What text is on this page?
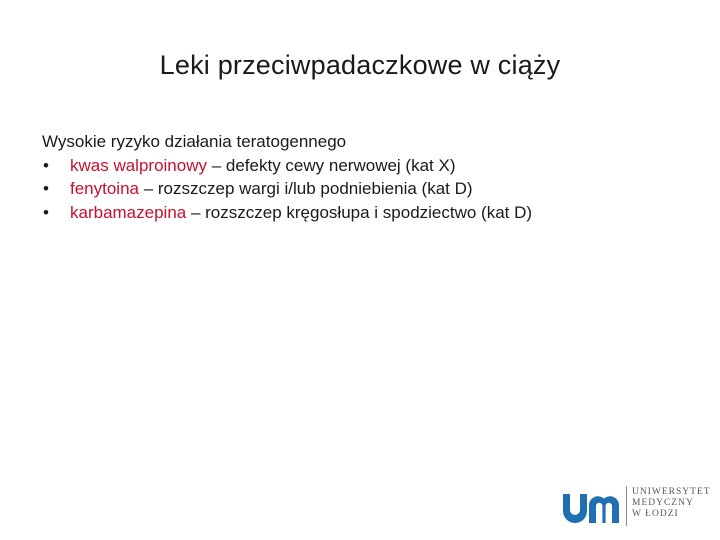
Leki przeciwpadaczkowe w ciąży
Wysokie ryzyko działania teratogennego
• kwas walproinowy – defekty cewy nerwowej (kat X)
• fenytoina – rozszczep wargi i/lub podniebienia (kat D)
• karbamazepina – rozszczep kręgosłupa i spodziectwo (kat D)
UNIWERSYTET
MEDYCZNY
W ŁODZI
